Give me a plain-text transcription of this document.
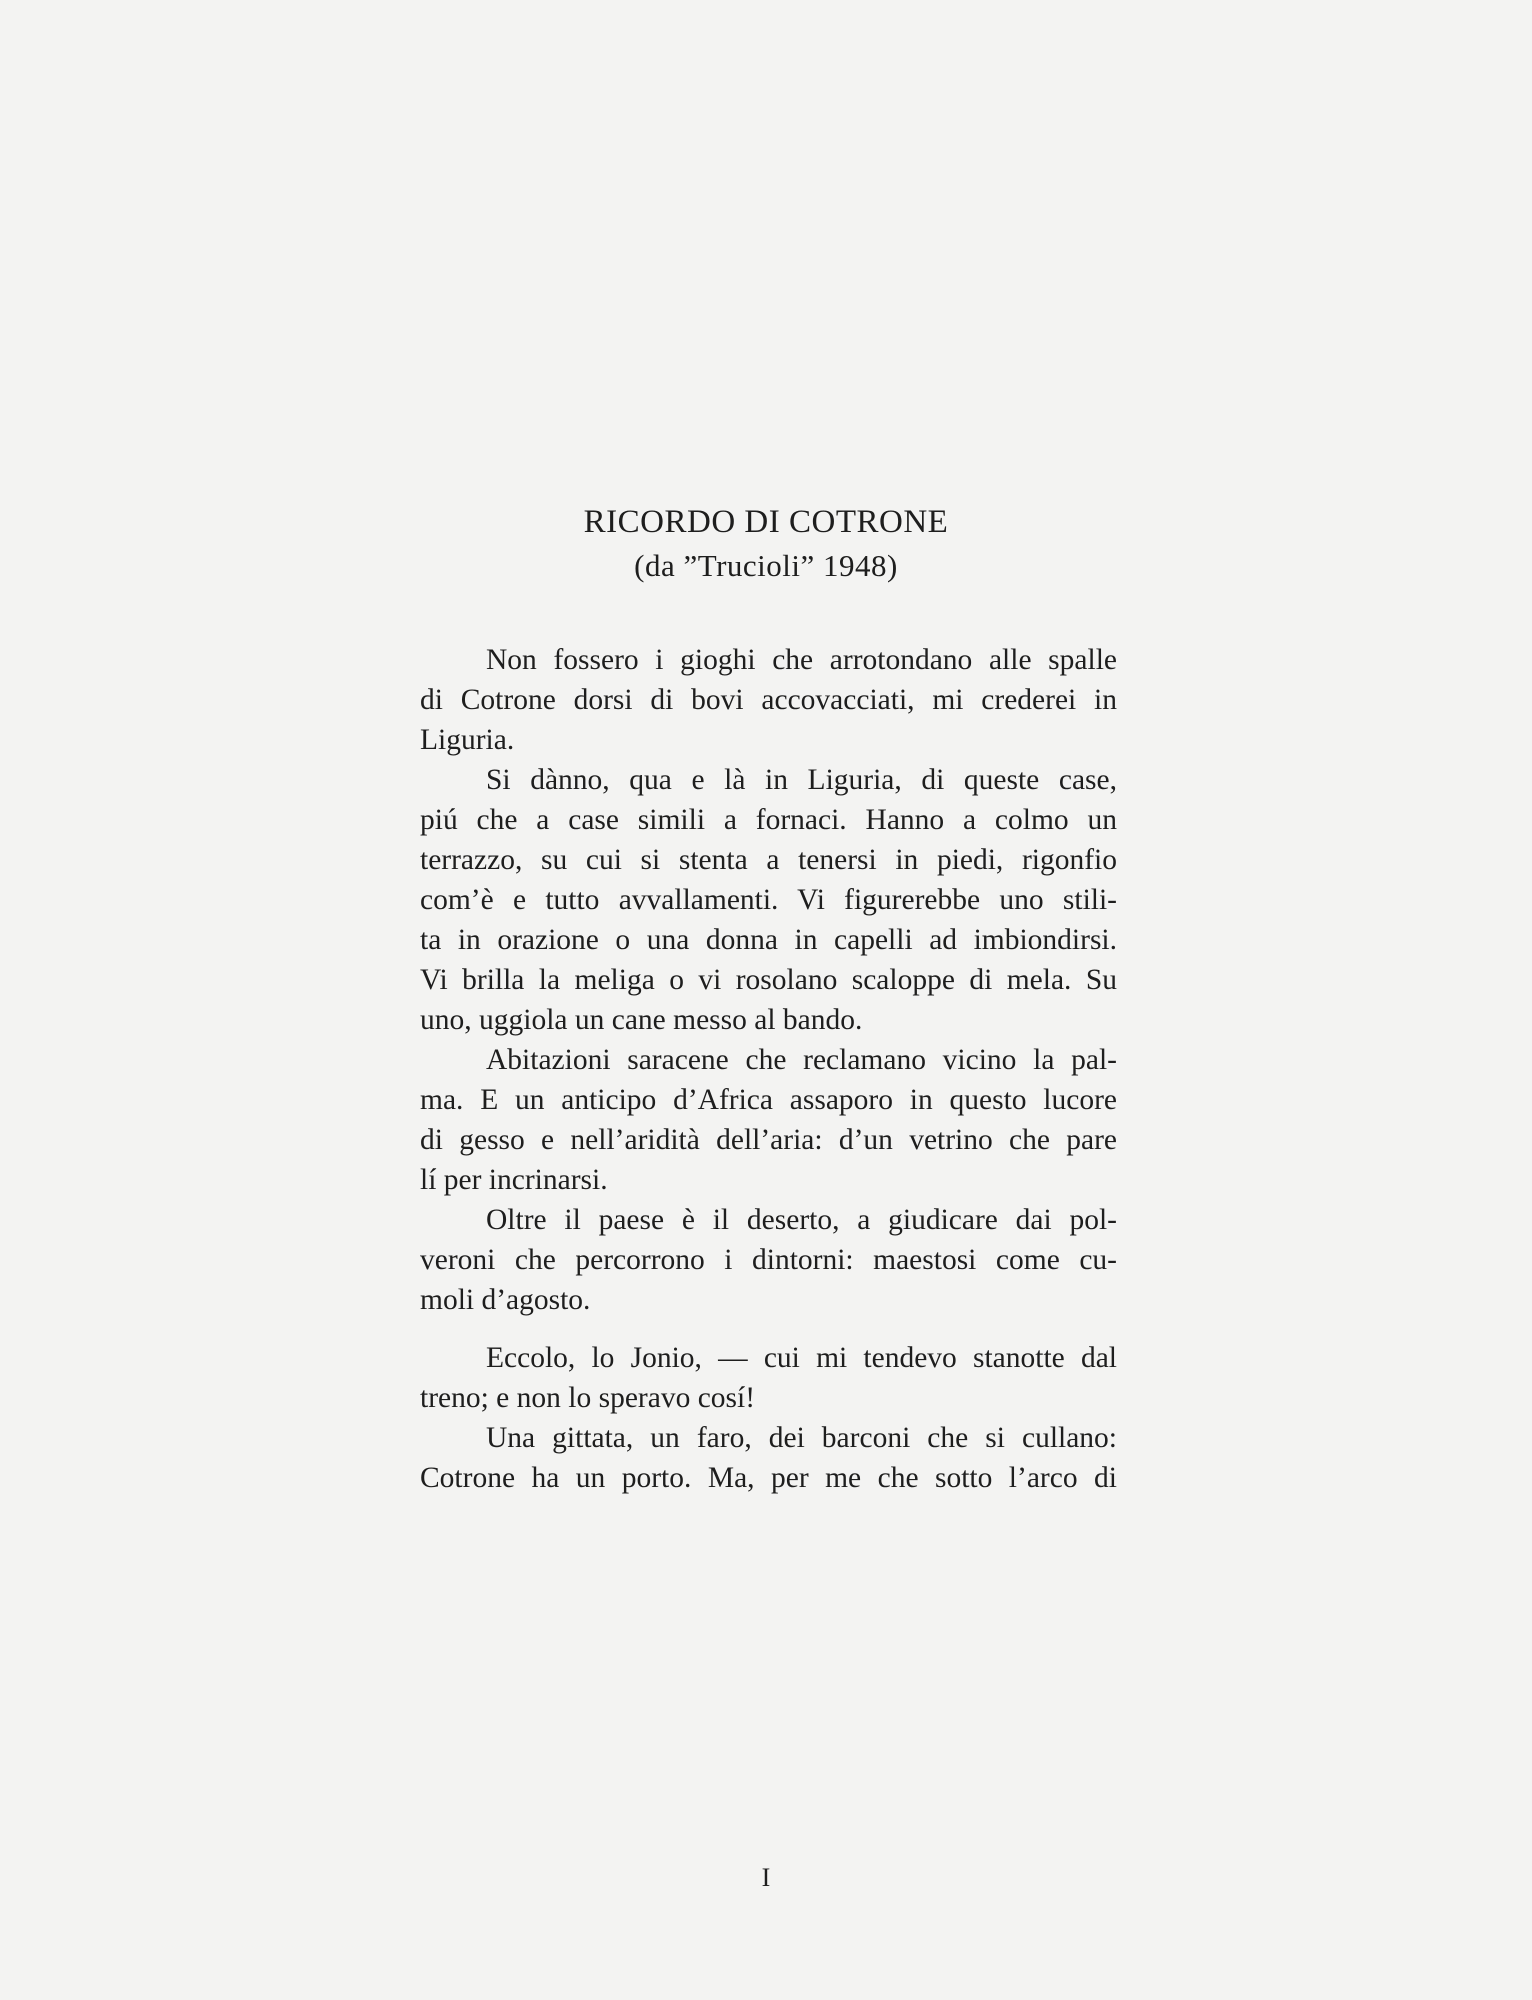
RICORDO DI COTRONE
(da ”Trucioli” 1948)
Non fossero i gioghi che arrotondano alle spalle
di Cotrone dorsi di bovi accovacciati, mi crederei in
Liguria.
Si dànno, qua e là in Liguria, di queste case,
piú che a case simili a fornaci. Hanno a colmo un
terrazzo, su cui si stenta a tenersi in piedi, rigonfio
com’è e tutto avvallamenti. Vi figurerebbe uno stili-
ta in orazione o una donna in capelli ad imbiondirsi.
Vi brilla la meliga o vi rosolano scaloppe di mela. Su
uno, uggiola un cane messo al bando.
Abitazioni saracene che reclamano vicino la pal-
ma. E un anticipo d’Africa assaporo in questo lucore
di gesso e nell’aridità dell’aria: d’un vetrino che pare
lí per incrinarsi.
Oltre il paese è il deserto, a giudicare dai pol-
veroni che percorrono i dintorni: maestosi come cu-
moli d’agosto.
Eccolo, lo Jonio, — cui mi tendevo stanotte dal
treno; e non lo speravo cosí!
Una gittata, un faro, dei barconi che si cullano:
Cotrone ha un porto. Ma, per me che sotto l’arco di
I
